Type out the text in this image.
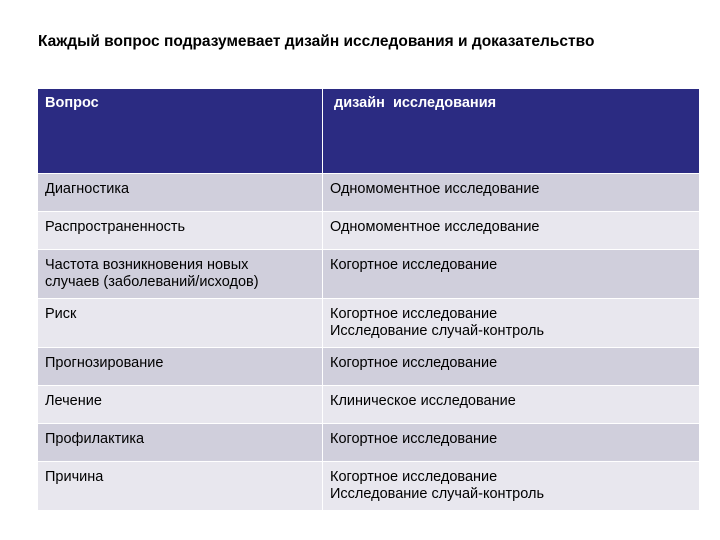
Каждый вопрос подразумевает дизайн исследования и доказательство
Вопрос	дизайн  исследования

Диагностика	Одномоментное исследование

Распространенность	Одномоментное исследование

Частота возникновения новых
случаев (заболеваний/исходов)	Когортное исследование

Риск	Когортное исследование
Исследование случай-контроль

Прогнозирование	Когортное исследование

Лечение	Клиническое исследование

Профилактика	Когортное исследование

Причина	Когортное исследование
Исследование случай-контроль
